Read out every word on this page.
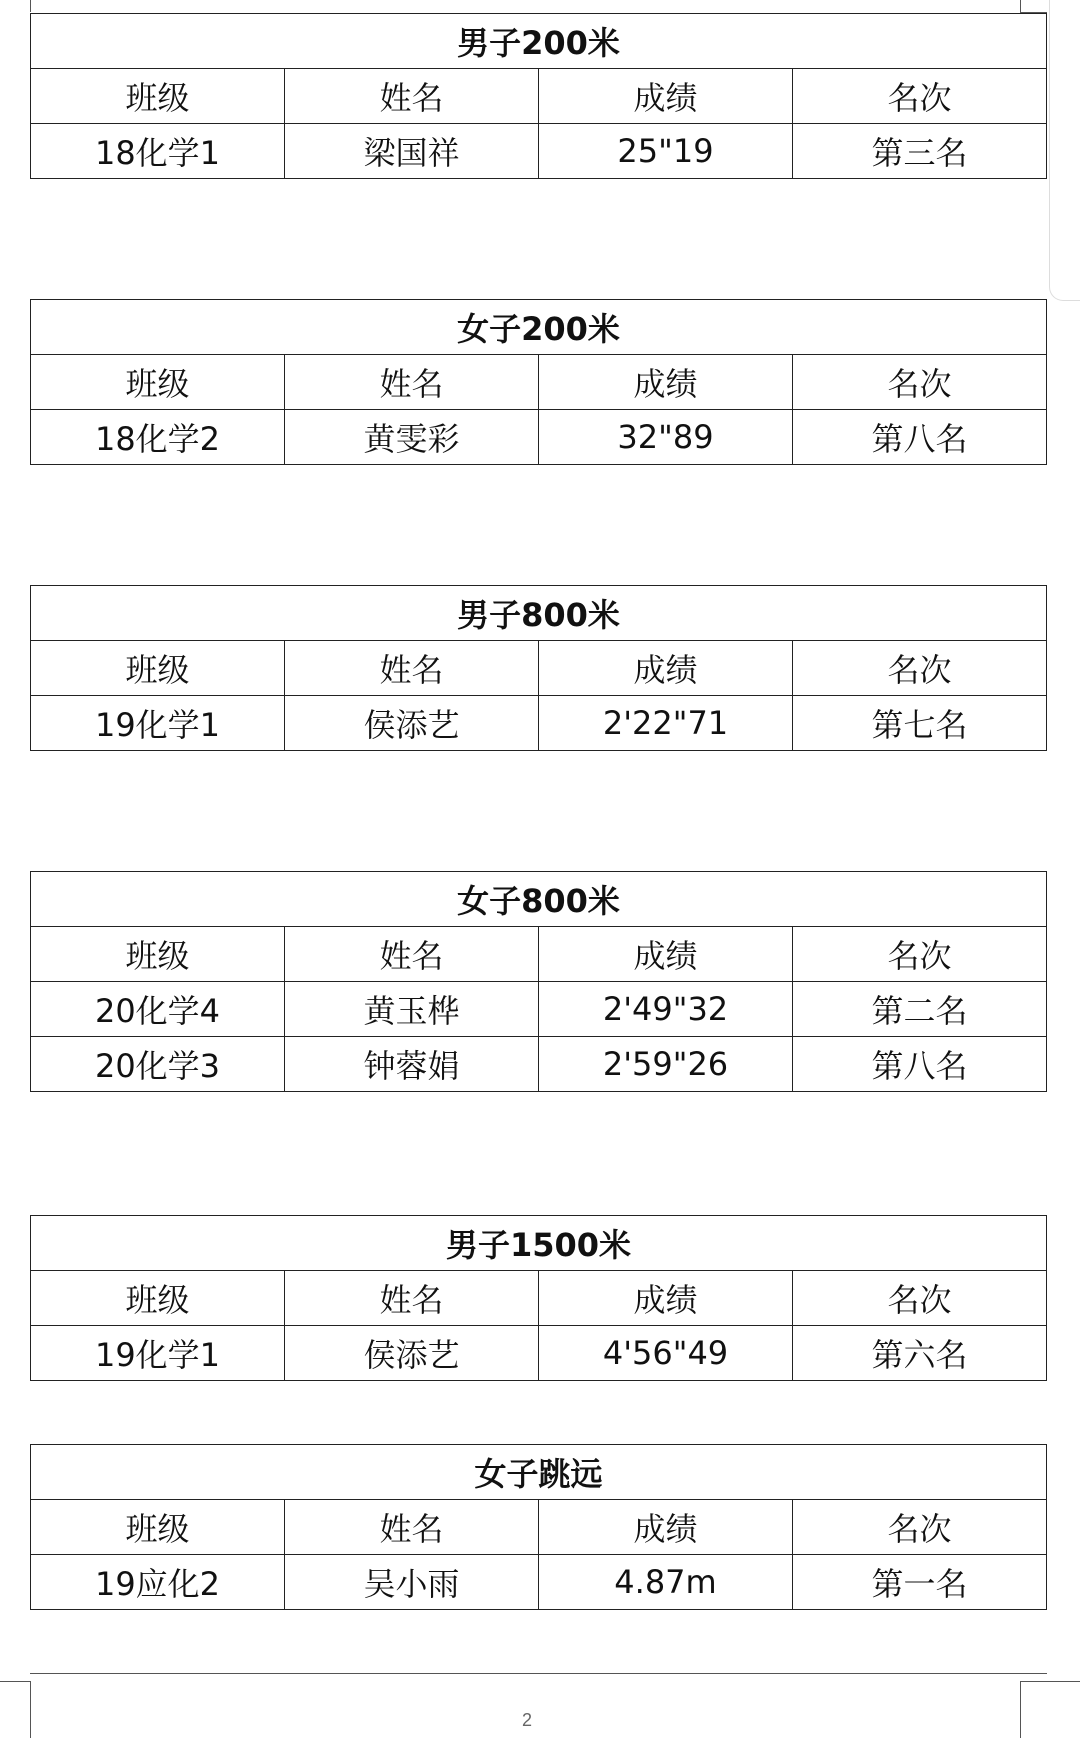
男子200米			
班级	姓名	成绩	名次
18化学1	梁国祥	25"19	第三名
女子200米			
班级	姓名	成绩	名次
18化学2	黄雯彩	32"89	第八名
男子800米			
班级	姓名	成绩	名次
19化学1	侯添艺	2'22"71	第七名
女子800米			
班级	姓名	成绩	名次
20化学4	黄玉桦	2'49"32	第二名
20化学3	钟蓉娟	2'59"26	第八名
男子1500米			
班级	姓名	成绩	名次
19化学1	侯添艺	4'56"49	第六名
女子跳远			
班级	姓名	成绩	名次
19应化2	吴小雨	4.87m	第一名
2
